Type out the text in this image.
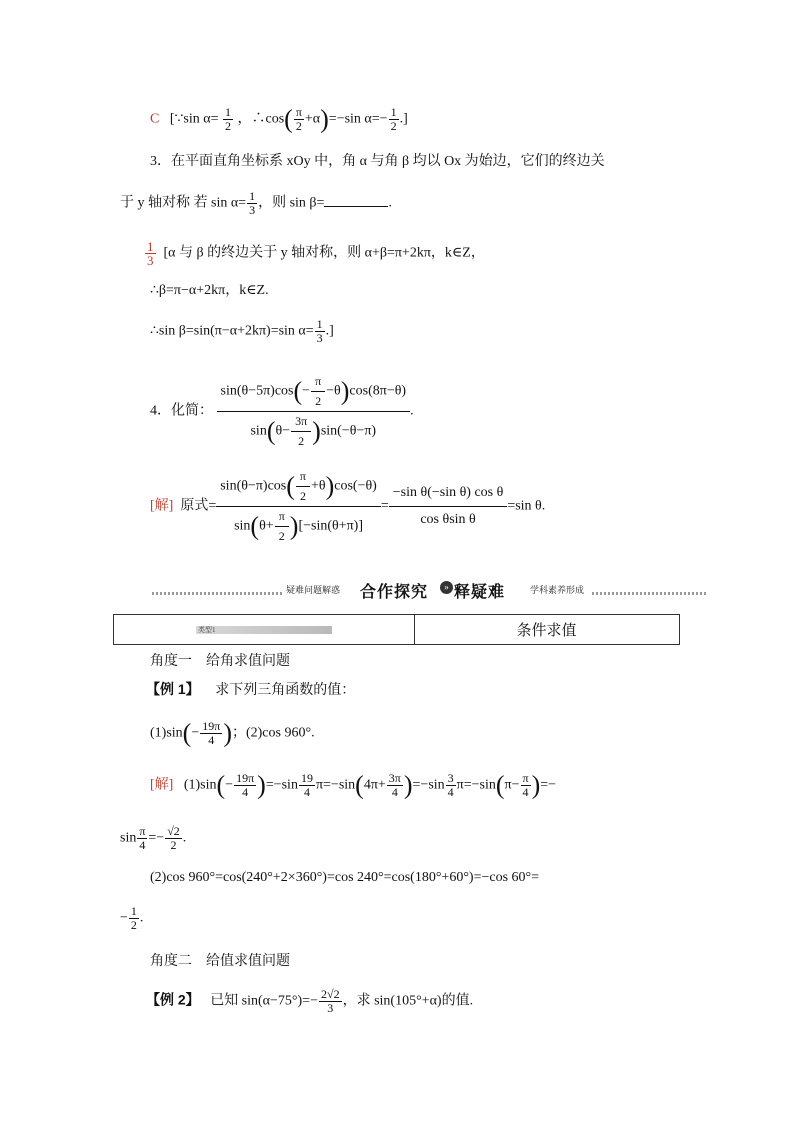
C [∵sin $\alpha= \frac{1}{2}$ ，∴cos( $\frac{\pi}{2} +\alpha)=-\sin$ $\alpha=- \frac{1}{2}$ .]
3．在平面直角坐标系 xOy 中，角 α 与角 β 均以 Ox 为始边，它们的终边关
于 y 轴对称 若 $\sin \alpha= \frac{1}{3}$ ，则 sin β=	.
$\frac{1}{3} [\alpha$ 与 β 的终边关于 y 轴对称，则 α+β=π+2kπ，k∈Z，
∴β=π−α+2kπ，k∈Z.
∴sin β=sin(π−α+2kπ)=sin $\alpha= \frac{1}{3}$ .]
4．化简： $\frac{\sin(\theta-5\pi)\cos(- \frac{\pi}{2} -\theta)\cos(8\pi-\theta)}{\sin(\theta- \frac{3\pi}{2} )\sin(-\theta-\pi)}$ .
[解] 原式= $\frac{\sin(\theta-\pi)\cos( \frac{\pi}{2} +\theta)\cos(-\theta)}{\sin(\theta+ \frac{\pi}{2} )[-\sin(\theta+\pi)]} = \frac{\text{−sin θ(−sin θ) cos θ}}{\text{cos θsin θ}} =\sin$ θ.
疑难问题解惑 合作探究	» 释疑难	学科素养形成
类型1	条件求值
角度一　给角求值问题
【例 1】 求下列三角函数的值：
$(1)\sin(- \frac{19\pi}{4}$ )；(2)cos 960°.
[解] $(1)\sin(- \frac{19\pi}{4} )=-\sin \frac{19}{4} \pi=-\sin(4\pi+ \frac{3\pi}{4} )=-\sin \frac{3}{4} \pi=-\sin(\pi- \frac{\pi}{4}$ )=−
$\sin \frac{\pi}{4} =- \frac{√2}{2}$ .
(2)cos 960°=cos(240°+2×360°)=cos 240°=cos(180°+60°)=−cos 60°=
− $\frac{1}{2}$ .
角度二　给值求值问题
【例 2】 已知 $\sin(\alpha-75^\circ)=- \frac{2√2}{3}$ ，求 sin(105°+α)的值.
